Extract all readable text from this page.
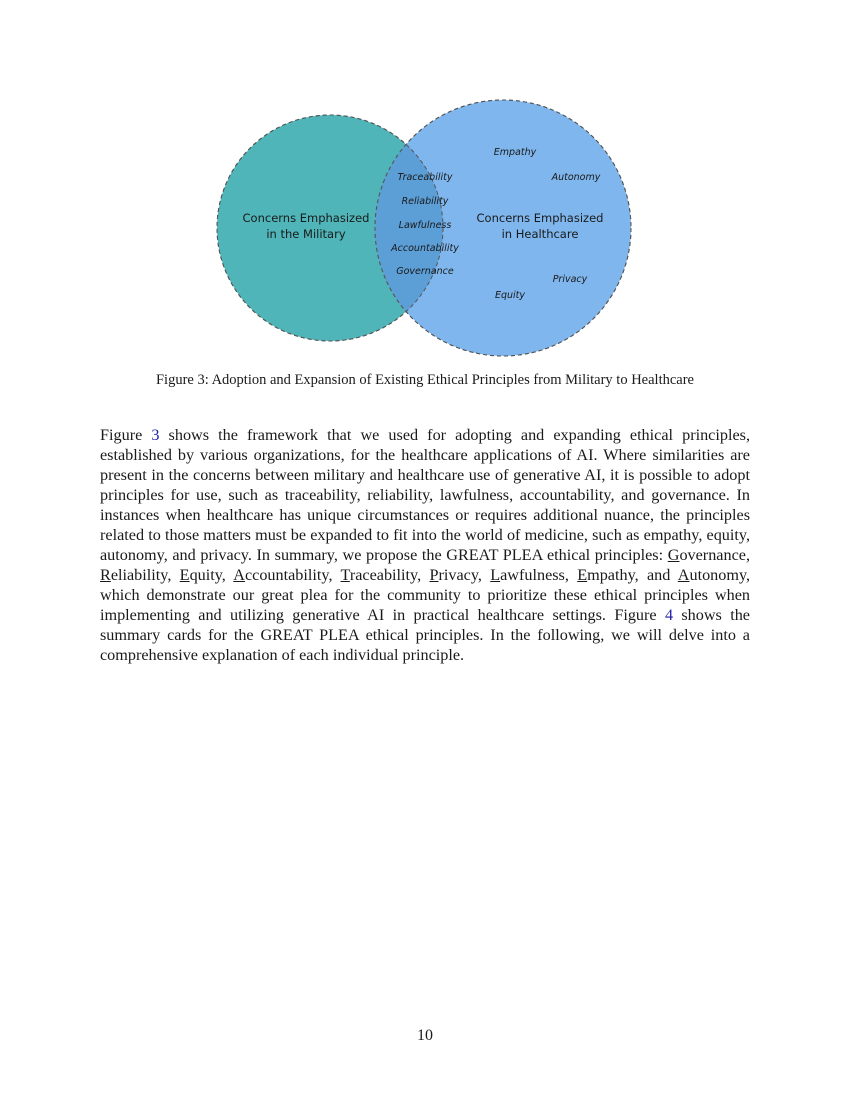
Concerns Emphasized
in the Military
Concerns Emphasized
in Healthcare
Traceability
Reliability
Lawfulness
Accountability
Governance
Empathy
Autonomy
Privacy
Equity
Figure 3: Adoption and Expansion of Existing Ethical Principles from Military to Healthcare
Figure 3 shows the framework that we used for adopting and expanding ethical principles, established by various organizations, for the healthcare applications of AI. Where similarities are present in the concerns between military and healthcare use of generative AI, it is possible to adopt principles for use, such as traceability, reliability, lawfulness, accountability, and governance. In instances when healthcare has unique circumstances or requires additional nuance, the principles related to those matters must be expanded to fit into the world of medicine, such as empathy, equity, autonomy, and privacy. In summary, we propose the GREAT PLEA ethical principles: Governance, Reliability, Equity, Accountability, Traceability, Privacy, Lawfulness, Empathy, and Autonomy, which demonstrate our great plea for the community to prioritize these ethical principles when implementing and utilizing generative AI in practical healthcare settings. Figure 4 shows the summary cards for the GREAT PLEA ethical principles. In the following, we will delve into a comprehensive explanation of each individual principle.
10
